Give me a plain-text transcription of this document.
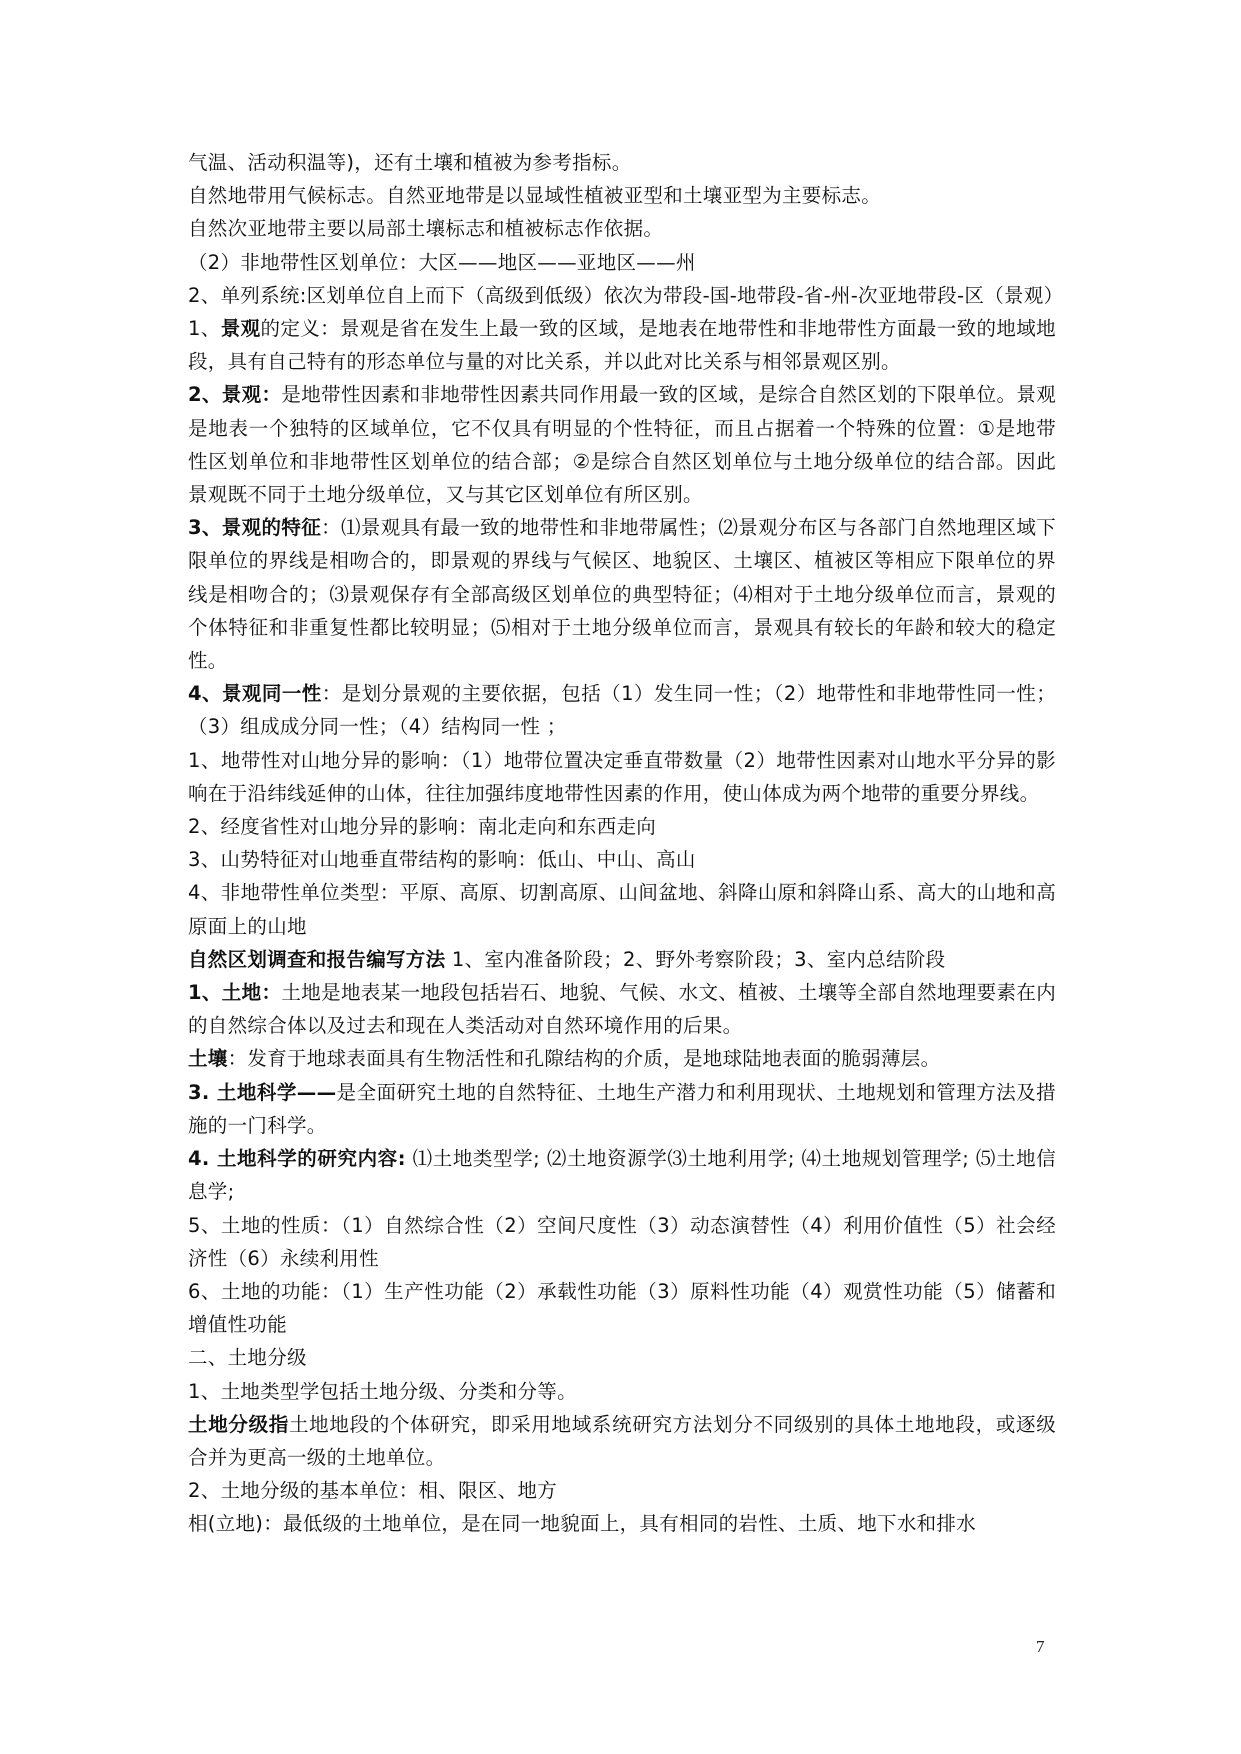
气温、活动积温等)，还有土壤和植被为参考指标。

自然地带用气候标志。自然亚地带是以显域性植被亚型和土壤亚型为主要标志。

自然次亚地带主要以局部土壤标志和植被标志作依据。

（2）非地带性区划单位：大区——地区——亚地区——州

2、单列系统:区划单位自上而下（高级到低级）依次为带段-国-地带段-省-州-次亚地带段-区（景观）

1、景观的定义：景观是省在发生上最一致的区域，是地表在地带性和非地带性方面最一致的地域地段，具有自己特有的形态单位与量的对比关系，并以此对比关系与相邻景观区别。

2、景观：是地带性因素和非地带性因素共同作用最一致的区域，是综合自然区划的下限单位。景观是地表一个独特的区域单位，它不仅具有明显的个性特征，而且占据着一个特殊的位置：①是地带性区划单位和非地带性区划单位的结合部；②是综合自然区划单位与土地分级单位的结合部。因此景观既不同于土地分级单位，又与其它区划单位有所区别。

3、景观的特征：⑴景观具有最一致的地带性和非地带属性；⑵景观分布区与各部门自然地理区域下限单位的界线是相吻合的，即景观的界线与气候区、地貌区、土壤区、植被区等相应下限单位的界线是相吻合的；⑶景观保存有全部高级区划单位的典型特征；⑷相对于土地分级单位而言，景观的个体特征和非重复性都比较明显；⑸相对于土地分级单位而言，景观具有较长的年龄和较大的稳定性。

4、景观同一性：是划分景观的主要依据，包括（1）发生同一性；（2）地带性和非地带性同一性；（3）组成成分同一性；（4）结构同一性 ；

1、地带性对山地分异的影响：（1）地带位置决定垂直带数量（2）地带性因素对山地水平分异的影响在于沿纬线延伸的山体，往往加强纬度地带性因素的作用，使山体成为两个地带的重要分界线。

2、经度省性对山地分异的影响：南北走向和东西走向

3、山势特征对山地垂直带结构的影响：低山、中山、高山

4、非地带性单位类型：平原、高原、切割高原、山间盆地、斜降山原和斜降山系、高大的山地和高原面上的山地

自然区划调查和报告编写方法 1、室内准备阶段；2、野外考察阶段；3、室内总结阶段

1、土地：土地是地表某一地段包括岩石、地貌、气候、水文、植被、土壤等全部自然地理要素在内的自然综合体以及过去和现在人类活动对自然环境作用的后果。

土壤：发育于地球表面具有生物活性和孔隙结构的介质，是地球陆地表面的脆弱薄层。

3. 土地科学——是全面研究土地的自然特征、土地生产潜力和利用现状、土地规划和管理方法及措施的一门科学。

4. 土地科学的研究内容: ⑴土地类型学; ⑵土地资源学⑶土地利用学; ⑷土地规划管理学; ⑸土地信息学;

5、土地的性质：（1）自然综合性（2）空间尺度性（3）动态演替性（4）利用价值性（5）社会经济性（6）永续利用性

6、土地的功能：（1）生产性功能（2）承载性功能（3）原料性功能（4）观赏性功能（5）储蓄和增值性功能

二、土地分级

1、土地类型学包括土地分级、分类和分等。

土地分级指土地地段的个体研究，即采用地域系统研究方法划分不同级别的具体土地地段，或逐级合并为更高一级的土地单位。

2、土地分级的基本单位：相、限区、地方

相(立地)：最低级的土地单位，是在同一地貌面上，具有相同的岩性、土质、地下水和排水

7
